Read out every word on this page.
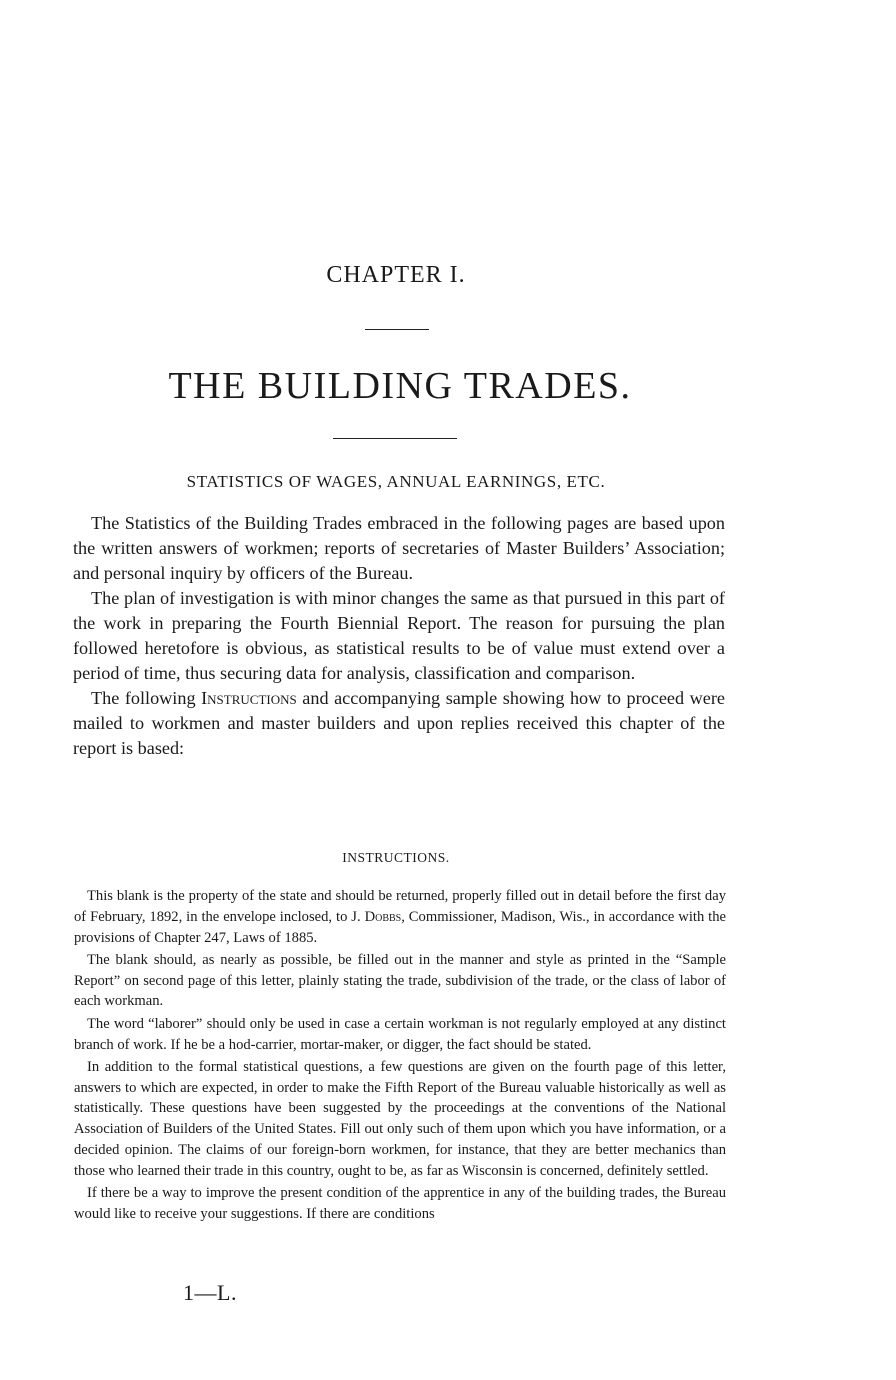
CHAPTER I.
THE BUILDING TRADES.
STATISTICS OF WAGES, ANNUAL EARNINGS, ETC.

The Statistics of the Building Trades embraced in the following pages are based upon the written answers of workmen; reports of secretaries of Master Builders’ Association; and personal inquiry by officers of the Bureau.

The plan of investigation is with minor changes the same as that pursued in this part of the work in preparing the Fourth Biennial Report. The reason for pursuing the plan followed heretofore is obvious, as statistical results to be of value must extend over a period of time, thus securing data for analysis, classification and comparison.

The following Instructions and accompanying sample showing how to proceed were mailed to workmen and master builders and upon replies received this chapter of the report is based:

INSTRUCTIONS.

This blank is the property of the state and should be returned, properly filled out in detail before the first day of February, 1892, in the envelope inclosed, to J. Dobbs, Commissioner, Madison, Wis., in accordance with the provisions of Chapter 247, Laws of 1885.

The blank should, as nearly as possible, be filled out in the manner and style as printed in the “Sample Report” on second page of this letter, plainly stating the trade, subdivision of the trade, or the class of labor of each workman.

The word “laborer” should only be used in case a certain workman is not regularly employed at any distinct branch of work. If he be a hod-carrier, mortar-maker, or digger, the fact should be stated.

In addition to the formal statistical questions, a few questions are given on the fourth page of this letter, answers to which are expected, in order to make the Fifth Report of the Bureau valuable historically as well as statistically. These questions have been suggested by the proceedings at the conventions of the National Association of Builders of the United States. Fill out only such of them upon which you have information, or a decided opinion. The claims of our foreign-born workmen, for instance, that they are better mechanics than those who learned their trade in this country, ought to be, as far as Wisconsin is concerned, definitely settled.

If there be a way to improve the present condition of the apprentice in any of the building trades, the Bureau would like to receive your suggestions. If there are conditions

1—L.
